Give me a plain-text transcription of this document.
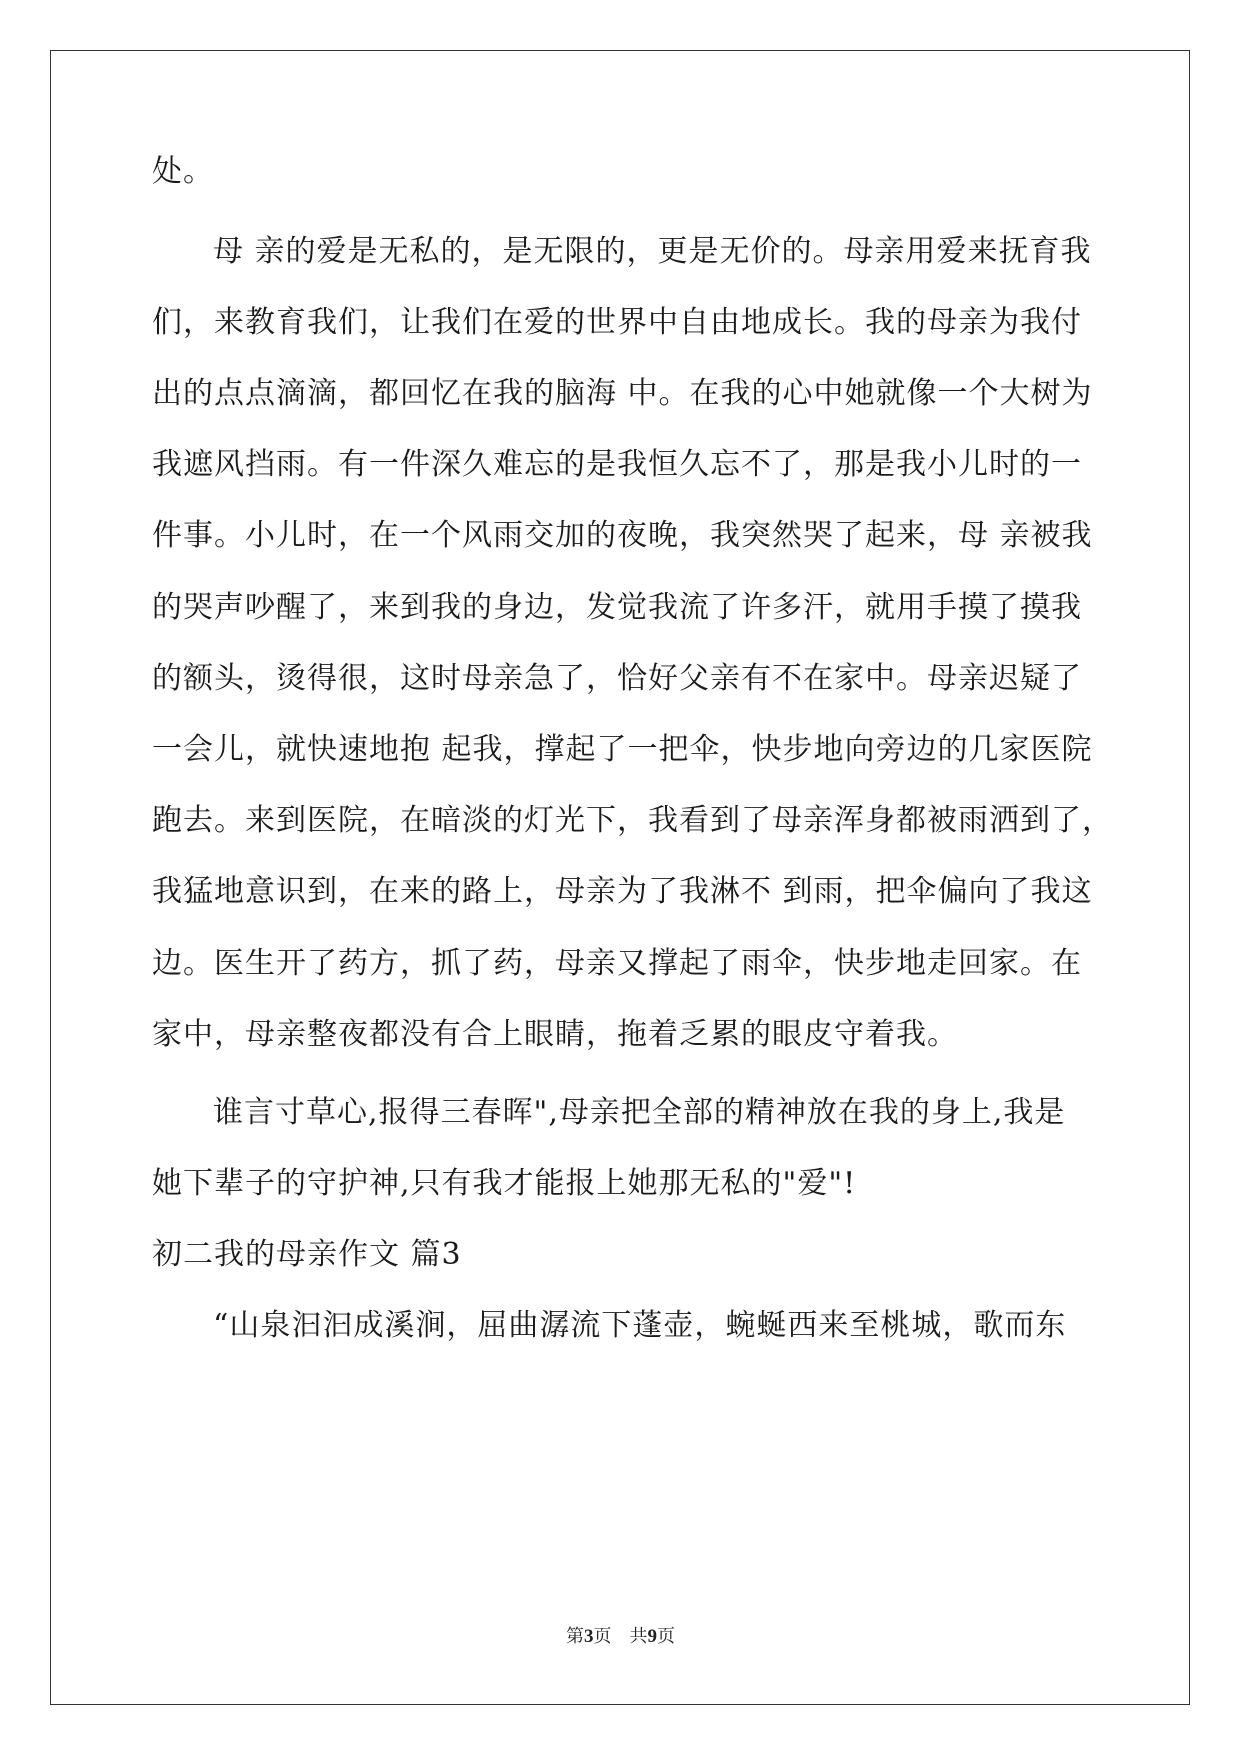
处。
母 亲的爱是无私的，是无限的，更是无价的。母亲用爱来抚育我
们，来教育我们，让我们在爱的世界中自由地成长。我的母亲为我付
出的点点滴滴，都回忆在我的脑海 中。在我的心中她就像一个大树为
我遮风挡雨。有一件深久难忘的是我恒久忘不了，那是我小儿时的一
件事。小儿时，在一个风雨交加的夜晚，我突然哭了起来，母 亲被我
的哭声吵醒了，来到我的身边，发觉我流了许多汗，就用手摸了摸我
的额头，烫得很，这时母亲急了，恰好父亲有不在家中。母亲迟疑了
一会儿，就快速地抱 起我，撑起了一把伞，快步地向旁边的几家医院
跑去。来到医院，在暗淡的灯光下，我看到了母亲浑身都被雨洒到了，
我猛地意识到，在来的路上，母亲为了我淋不 到雨，把伞偏向了我这
边。医生开了药方，抓了药，母亲又撑起了雨伞，快步地走回家。在
家中，母亲整夜都没有合上眼睛，拖着乏累的眼皮守着我。
谁言寸草心,报得三春晖",母亲把全部的精神放在我的身上,我是
她下辈子的守护神,只有我才能报上她那无私的"爱"!
初二我的母亲作文 篇3
“山泉汩汩成溪涧，屈曲潺流下蓬壶，蜿蜒西来至桃城，歌而东
第3页　共9页
